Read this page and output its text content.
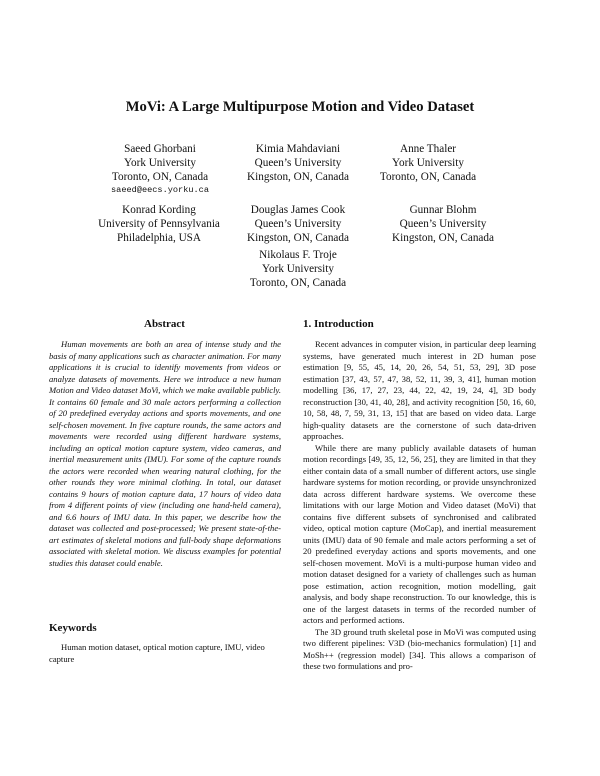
MoVi: A Large Multipurpose Motion and Video Dataset
Saeed Ghorbani
York University
Toronto, ON, Canada
saeed@eecs.yorku.ca
Kimia Mahdaviani
Queen’s University
Kingston, ON, Canada
Anne Thaler
York University
Toronto, ON, Canada
Konrad Kording
University of Pennsylvania
Philadelphia, USA
Douglas James Cook
Queen’s University
Kingston, ON, Canada
Gunnar Blohm
Queen’s University
Kingston, ON, Canada
Nikolaus F. Troje
York University
Toronto, ON, Canada
Abstract

Human movements are both an area of intense study and the basis of many applications such as character animation. For many applications it is crucial to identify movements from videos or analyze datasets of movements. Here we introduce a new human Motion and Video dataset MoVi, which we make available publicly. It contains 60 female and 30 male actors performing a collection of 20 predefined everyday actions and sports movements, and one self-chosen movement. In five capture rounds, the same actors and movements were recorded using different hardware systems, including an optical motion capture system, video cameras, and inertial measurement units (IMU). For some of the capture rounds the actors were recorded when wearing natural clothing, for the other rounds they wore minimal clothing. In total, our dataset contains 9 hours of motion capture data, 17 hours of video data from 4 different points of view (including one hand-held camera), and 6.6 hours of IMU data. In this paper, we describe how the dataset was collected and post-processed; We present state-of-the-art estimates of skeletal motions and full-body shape deformations associated with skeletal motion. We discuss examples for potential studies this dataset could enable.

Keywords

Human motion dataset, optical motion capture, IMU, video capture

1. Introduction

Recent advances in computer vision, in particular deep learning systems, have generated much interest in 2D human pose estimation [9, 55, 45, 14, 20, 26, 54, 51, 53, 29], 3D pose estimation [37, 43, 57, 47, 38, 52, 11, 39, 3, 41], human motion modelling [36, 17, 27, 23, 44, 22, 42, 19, 24, 4], 3D body reconstruction [30, 41, 40, 28], and activity recognition [50, 16, 60, 10, 58, 48, 7, 59, 31, 13, 15] that are based on video data. Large high-quality datasets are the cornerstone of such data-driven approaches.

While there are many publicly available datasets of human motion recordings [49, 35, 12, 56, 25], they are limited in that they either contain data of a small number of different actors, use single hardware systems for motion recording, or provide unsynchronized data across different hardware systems. We overcome these limitations with our large Motion and Video dataset (MoVi) that contains five different subsets of synchronised and calibrated video, optical motion capture (MoCap), and inertial measurement units (IMU) data of 90 female and male actors performing a set of 20 predefined everyday actions and sports movements, and one self-chosen movement. MoVi is a multi-purpose human video and motion dataset designed for a variety of challenges such as human pose estimation, action recognition, motion modelling, gait analysis, and body shape reconstruction. To our knowledge, this is one of the largest datasets in terms of the recorded number of actors and performed actions.

The 3D ground truth skeletal pose in MoVi was computed using two different pipelines: V3D (bio-mechanics formulation) [1] and MoSh++ (regression model) [34]. This allows a comparison of these two formulations and pro-
